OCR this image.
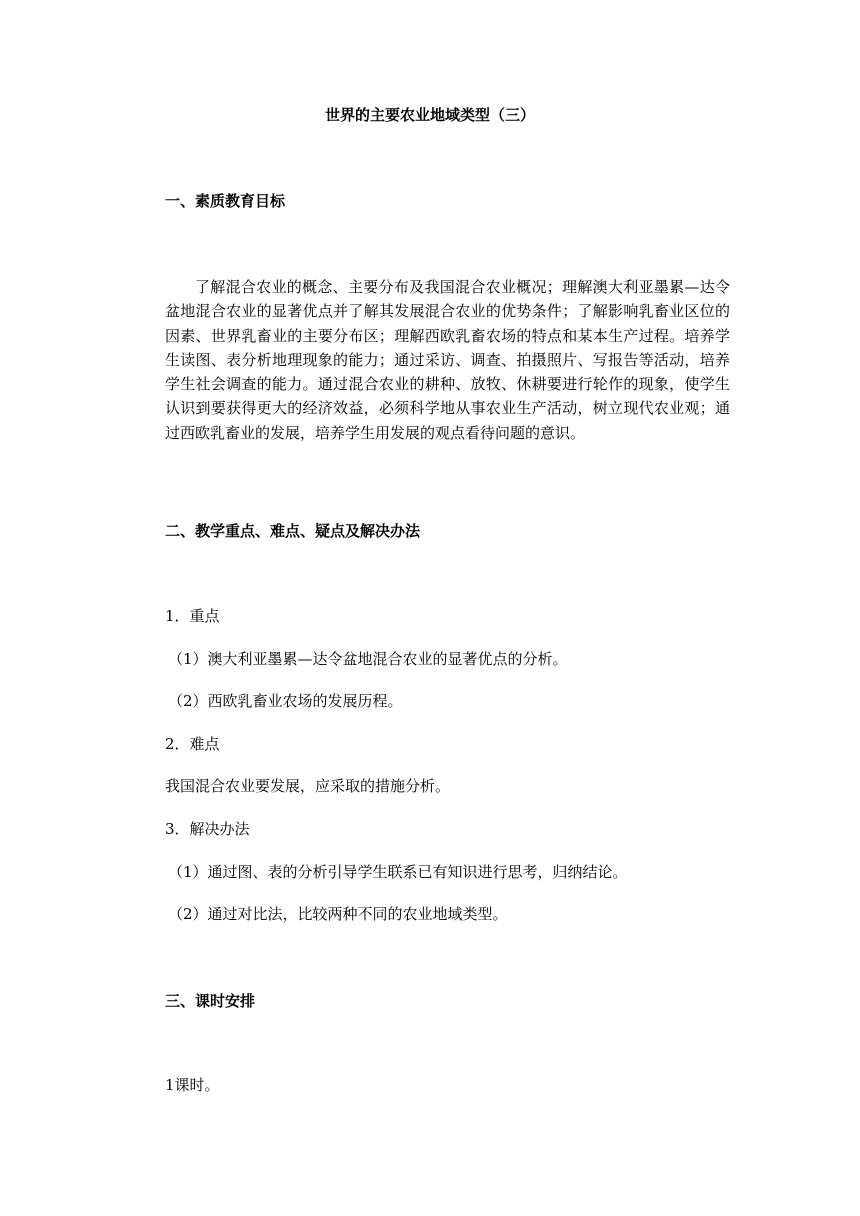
世界的主要农业地域类型（三）
一、素质教育目标

了解混合农业的概念、主要分布及我国混合农业概况；理解澳大利亚墨累—达令盆地混合农业的显著优点并了解其发展混合农业的优势条件；了解影响乳畜业区位的因素、世界乳畜业的主要分布区；理解西欧乳畜农场的特点和某本生产过程。培养学生读图、表分析地理现象的能力；通过采访、调查、拍摄照片、写报告等活动，培养学生社会调查的能力。通过混合农业的耕种、放牧、休耕要进行轮作的现象，使学生认识到要获得更大的经济效益，必须科学地从事农业生产活动，树立现代农业观；通过西欧乳畜业的发展，培养学生用发展的观点看待问题的意识。

二、教学重点、难点、疑点及解决办法

1．重点

（1）澳大利亚墨累—达令盆地混合农业的显著优点的分析。

（2）西欧乳畜业农场的发展历程。

2．难点

我国混合农业要发展，应采取的措施分析。

3．解决办法

（1）通过图、表的分析引导学生联系已有知识进行思考，归纳结论。

（2）通过对比法，比较两种不同的农业地域类型。

三、课时安排

1课时。
